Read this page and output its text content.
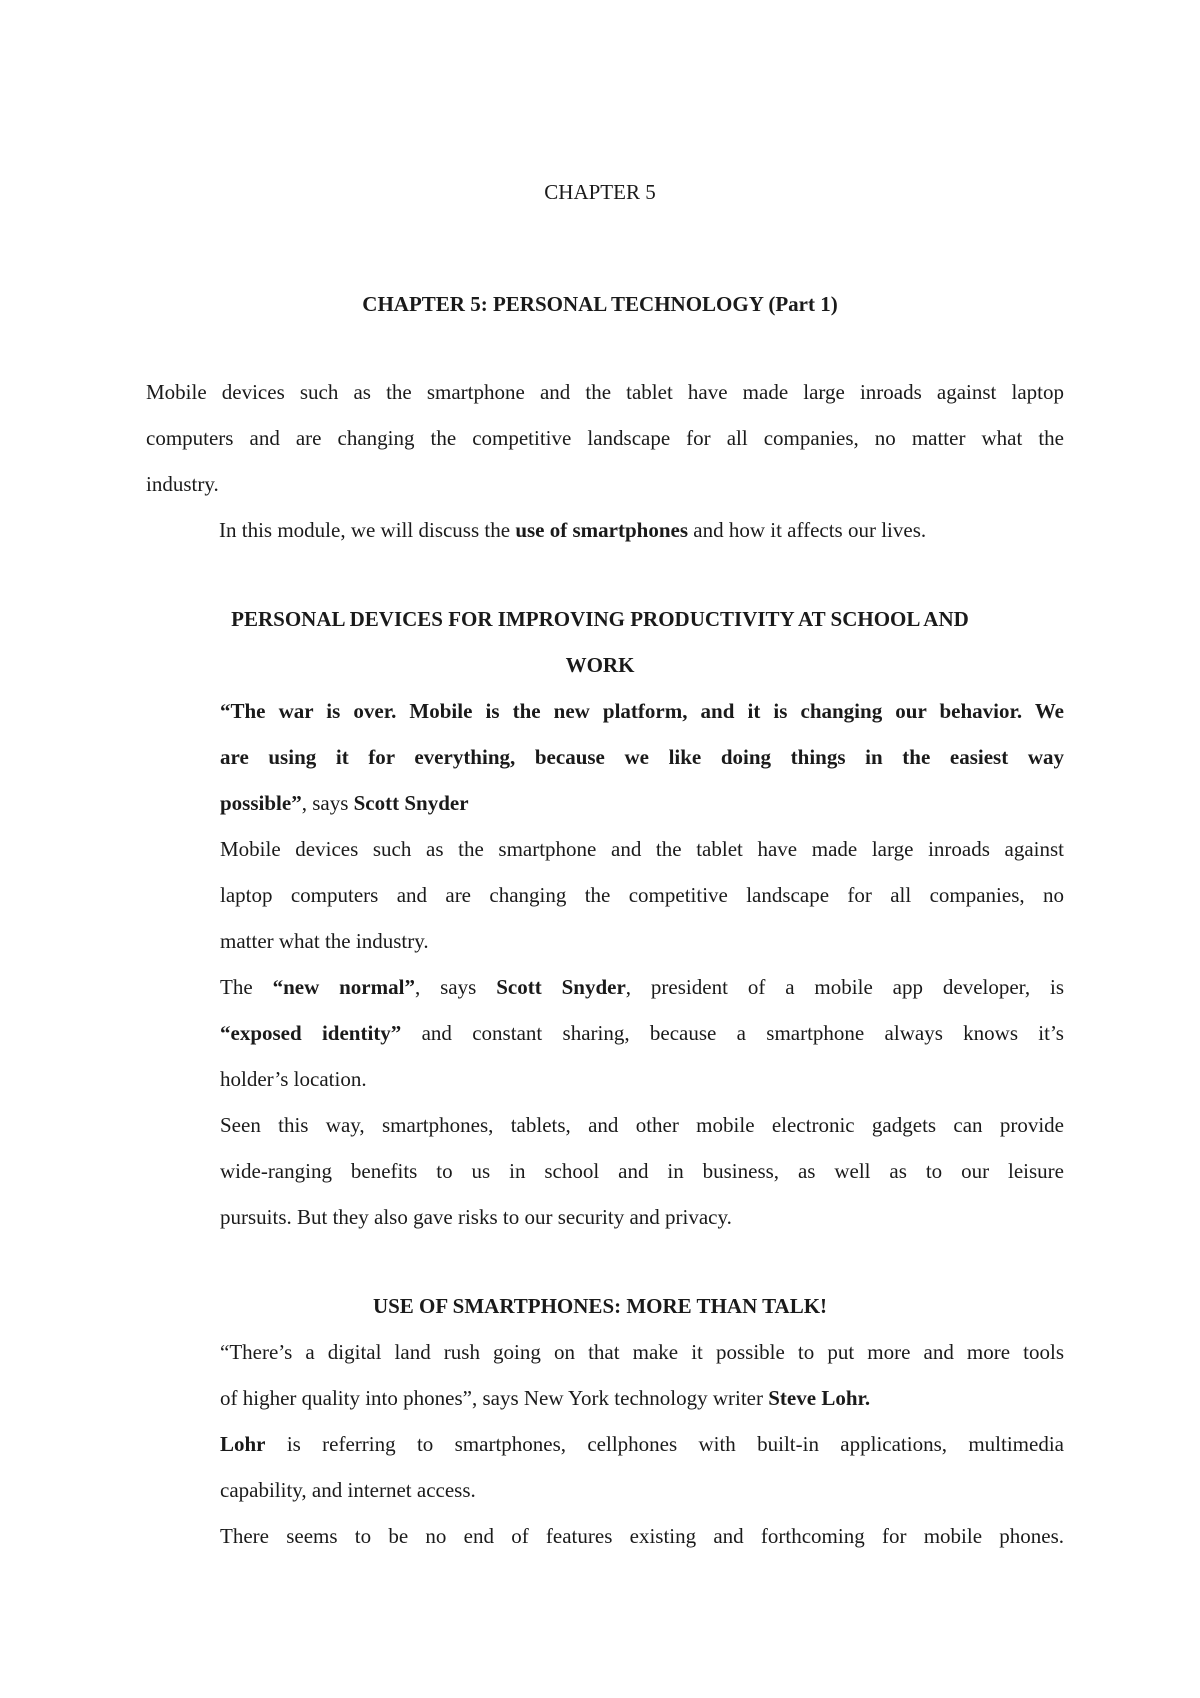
CHAPTER 5
CHAPTER 5: PERSONAL TECHNOLOGY (Part 1)
Mobile devices such as the smartphone and the tablet have made large inroads against laptop
computers and are changing the competitive landscape for all companies, no matter what the
industry.
In this module, we will discuss the use of smartphones and how it affects our lives.
PERSONAL DEVICES FOR IMPROVING PRODUCTIVITY AT SCHOOL AND
WORK
“The war is over. Mobile is the new platform, and it is changing our behavior. We
are using it for everything, because we like doing things in the easiest way
possible”, says Scott Snyder
Mobile devices such as the smartphone and the tablet have made large inroads against
laptop computers and are changing the competitive landscape for all companies, no
matter what the industry.
The “new normal”, says Scott Snyder, president of a mobile app developer, is
“exposed identity” and constant sharing, because a smartphone always knows it’s
holder’s location.
Seen this way, smartphones, tablets, and other mobile electronic gadgets can provide
wide-ranging benefits to us in school and in business, as well as to our leisure
pursuits. But they also gave risks to our security and privacy.
USE OF SMARTPHONES: MORE THAN TALK!
“There’s a digital land rush going on that make it possible to put more and more tools
of higher quality into phones”, says New York technology writer Steve Lohr.
Lohr is referring to smartphones, cellphones with built-in applications, multimedia
capability, and internet access.
There seems to be no end of features existing and forthcoming for mobile phones.
